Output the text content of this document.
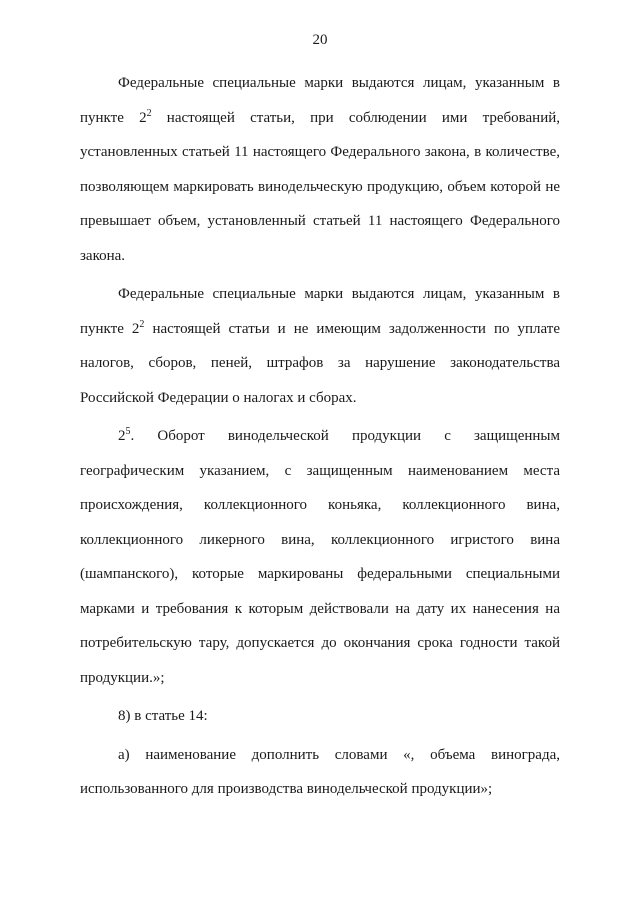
20

Федеральные специальные марки выдаются лицам, указанным в пункте $2^2$ настоящей статьи, при соблюдении ими требований, установленных статьей 11 настоящего Федерального закона, в количестве, позволяющем маркировать винодельческую продукцию, объем которой не превышает объем, установленный статьей 11 настоящего Федерального закона.

Федеральные специальные марки выдаются лицам, указанным в пункте $2^2$ настоящей статьи и не имеющим задолженности по уплате налогов, сборов, пеней, штрафов за нарушение законодательства Российской Федерации о налогах и сборах.

$2^5$. Оборот винодельческой продукции с защищенным географическим указанием, с защищенным наименованием места происхождения, коллекционного коньяка, коллекционного вина, коллекционного ликерного вина, коллекционного игристого вина (шампанского), которые маркированы федеральными специальными марками и требования к которым действовали на дату их нанесения на потребительскую тару, допускается до окончания срока годности такой продукции.»;

8) в статье 14:

а) наименование дополнить словами «, объема винограда, использованного для производства винодельческой продукции»;
